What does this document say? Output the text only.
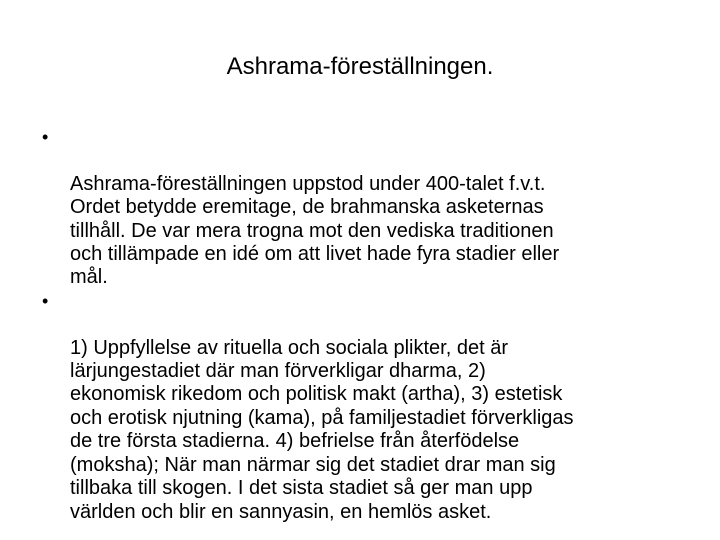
Ashrama-föreställningen.

•

Ashrama-föreställningen uppstod under 400-talet f.v.t.
Ordet betydde eremitage, de brahmanska asketernas
tillhåll. De var mera trogna mot den vediska traditionen
och tillämpade en idé om att livet hade fyra stadier eller
mål.

•

1) Uppfyllelse av rituella och sociala plikter, det är
lärjungestadiet där man förverkligar dharma, 2)
ekonomisk rikedom och politisk makt (artha), 3) estetisk
och erotisk njutning (kama), på familjestadiet förverkligas
de tre första stadierna. 4) befrielse från återfödelse
(moksha); När man närmar sig det stadiet drar man sig
tillbaka till skogen. I det sista stadiet så ger man upp
världen och blir en sannyasin, en hemlös asket.
